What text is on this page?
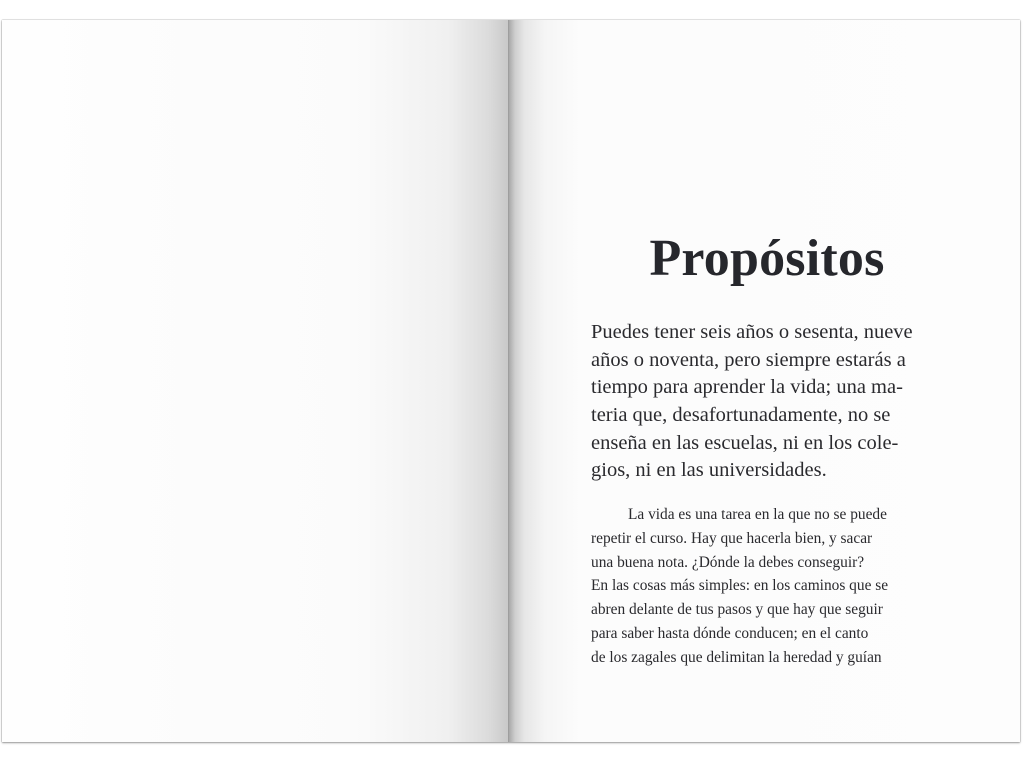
Propósitos

Puedes tener seis años o sesenta, nueve
años o noventa, pero siempre estarás a
tiempo para aprender la vida; una ma-
teria que, desafortunadamente, no se
enseña en las escuelas, ni en los cole-
gios, ni en las universidades.

La vida es una tarea en la que no se puede
repetir el curso. Hay que hacerla bien, y sacar
una buena nota. ¿Dónde la debes conseguir?
En las cosas más simples: en los caminos que se
abren delante de tus pasos y que hay que seguir
para saber hasta dónde conducen; en el canto
de los zagales que delimitan la heredad y guían
